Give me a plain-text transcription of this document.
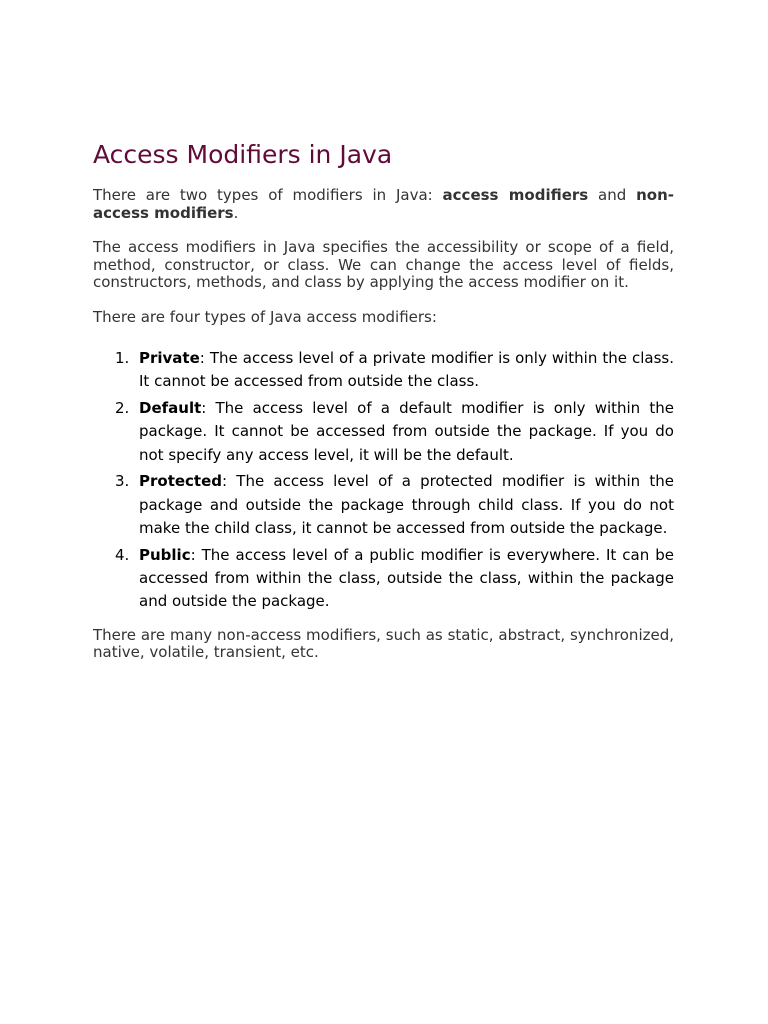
Access Modifiers in Java

There are two types of modifiers in Java: access modifiers and non-access modifiers.

The access modifiers in Java specifies the accessibility or scope of a field, method, constructor, or class. We can change the access level of fields, constructors, methods, and class by applying the access modifier on it.

There are four types of Java access modifiers:

1. Private: The access level of a private modifier is only within the class. It cannot be accessed from outside the class.
2. Default: The access level of a default modifier is only within the package. It cannot be accessed from outside the package. If you do not specify any access level, it will be the default.
3. Protected: The access level of a protected modifier is within the package and outside the package through child class. If you do not make the child class, it cannot be accessed from outside the package.
4. Public: The access level of a public modifier is everywhere. It can be accessed from within the class, outside the class, within the package and outside the package.

There are many non-access modifiers, such as static, abstract, synchronized, native, volatile, transient, etc.
